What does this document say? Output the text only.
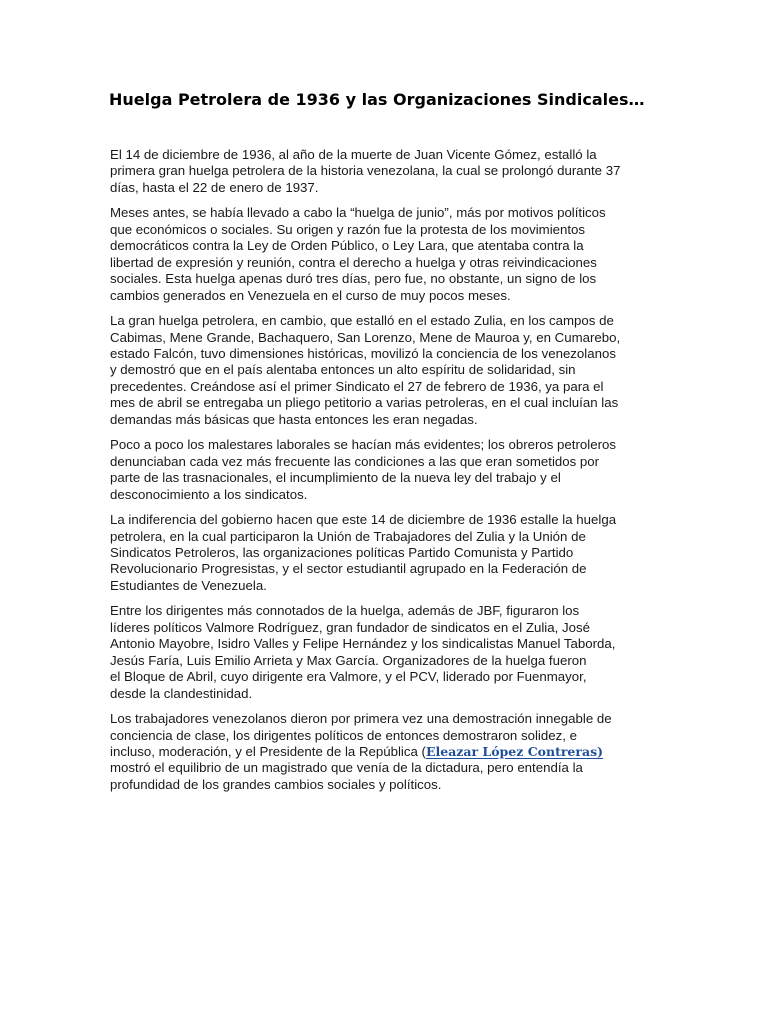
Huelga Petrolera de 1936 y las Organizaciones Sindicales…

El 14 de diciembre de 1936, al año de la muerte de Juan Vicente Gómez, estalló la
primera gran huelga petrolera de la historia venezolana, la cual se prolongó durante 37
días, hasta el 22 de enero de 1937.

Meses antes, se había llevado a cabo la “huelga de junio”, más por motivos políticos
que económicos o sociales. Su origen y razón fue la protesta de los movimientos
democráticos contra la Ley de Orden Público, o Ley Lara, que atentaba contra la
libertad de expresión y reunión, contra el derecho a huelga y otras reivindicaciones
sociales. Esta huelga apenas duró tres días, pero fue, no obstante, un signo de los
cambios generados en Venezuela en el curso de muy pocos meses.

La gran huelga petrolera, en cambio, que estalló en el estado Zulia, en los campos de
Cabimas, Mene Grande, Bachaquero, San Lorenzo, Mene de Mauroa y, en Cumarebo,
estado Falcón, tuvo dimensiones históricas, movilizó la conciencia de los venezolanos
y demostró que en el país alentaba entonces un alto espíritu de solidaridad, sin
precedentes. Creándose así el primer Sindicato el 27 de febrero de 1936, ya para el
mes de abril se entregaba un pliego petitorio a varias petroleras, en el cual incluían las
demandas más básicas que hasta entonces les eran negadas.

Poco a poco los malestares laborales se hacían más evidentes; los obreros petroleros
denunciaban cada vez más frecuente las condiciones a las que eran sometidos por
parte de las trasnacionales, el incumplimiento de la nueva ley del trabajo y el
desconocimiento a los sindicatos.

La indiferencia del gobierno hacen que este 14 de diciembre de 1936 estalle la huelga
petrolera, en la cual participaron la Unión de Trabajadores del Zulia y la Unión de
Sindicatos Petroleros, las organizaciones políticas Partido Comunista y Partido
Revolucionario Progresistas, y el sector estudiantil agrupado en la Federación de
Estudiantes de Venezuela.

Entre los dirigentes más connotados de la huelga, además de JBF, figuraron los
líderes políticos Valmore Rodríguez, gran fundador de sindicatos en el Zulia, José
Antonio Mayobre, Isidro Valles y Felipe Hernández y los sindicalistas Manuel Taborda,
Jesús Faría, Luis Emilio Arrieta y Max García. Organizadores de la huelga fueron
el Bloque de Abril, cuyo dirigente era Valmore, y el PCV, liderado por Fuenmayor,
desde la clandestinidad.

Los trabajadores venezolanos dieron por primera vez una demostración innegable de
conciencia de clase, los dirigentes políticos de entonces demostraron solidez, e
incluso, moderación, y el Presidente de la República (Eleazar López Contreras)
mostró el equilibrio de un magistrado que venía de la dictadura, pero entendía la
profundidad de los grandes cambios sociales y políticos.
